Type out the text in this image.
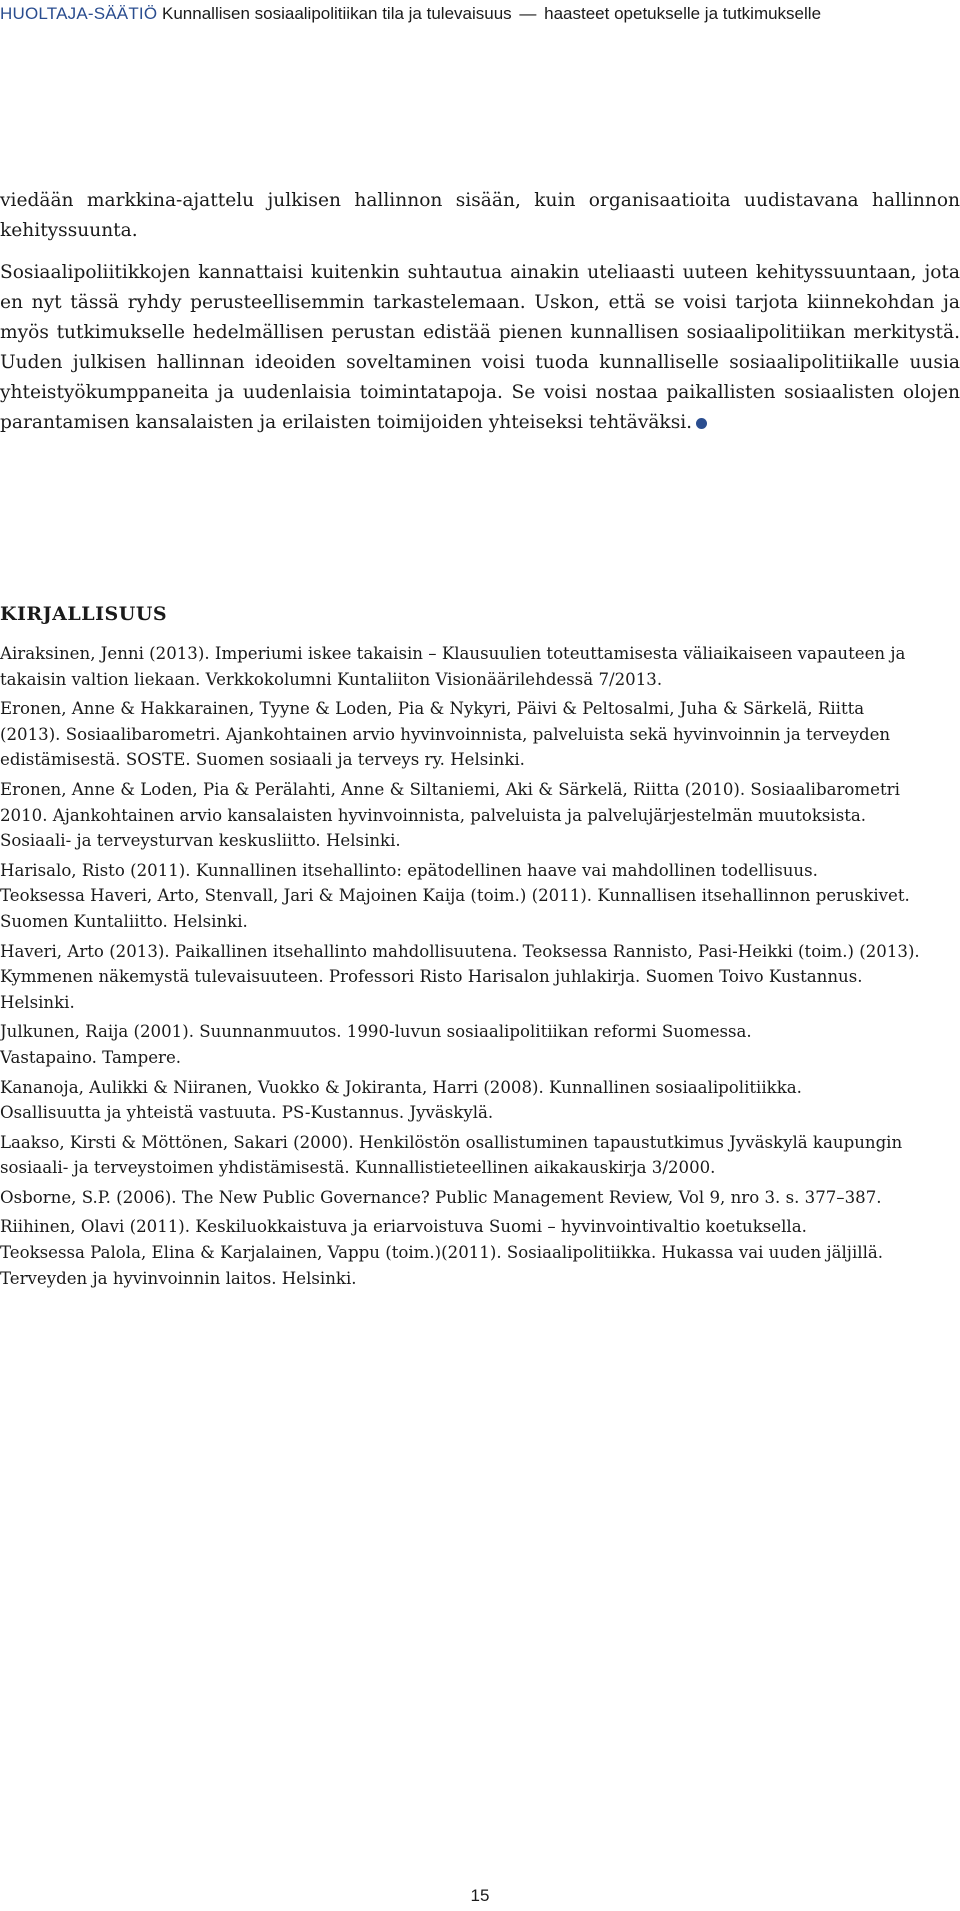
HUOLTAJA-SÄÄTIÖ Kunnallisen sosiaalipolitiikan tila ja tulevaisuus — haasteet opetukselle ja tutkimukselle

viedään markkina-ajattelu julkisen hallinnon sisään, kuin organisaatioita uudistavana hallinnon kehityssuunta.

Sosiaalipoliitikkojen kannattaisi kuitenkin suhtautua ainakin uteliaasti uuteen kehityssuuntaan, jota en nyt tässä ryhdy perusteellisemmin tarkastelemaan. Uskon, että se voisi tarjota kiinnekohdan ja myös tutkimukselle hedelmällisen perustan edistää pienen kunnallisen sosiaalipolitiikan merkitystä. Uuden julkisen hallinnan ideoiden soveltaminen voisi tuoda kunnalliselle sosiaalipolitiikalle uusia yhteistyökumppaneita ja uudenlaisia toimintatapoja. Se voisi nostaa paikallisten sosiaalisten olojen parantamisen kansalaisten ja erilaisten toimijoiden yhteiseksi tehtäväksi.

KIRJALLISUUS

Airaksinen, Jenni (2013). Imperiumi iskee takaisin – Klausuulien toteuttamisesta väliaikaiseen vapauteen ja
takaisin valtion liekaan. Verkkokolumni Kuntaliiton Visionäärilehdessä 7/2013.

Eronen, Anne & Hakkarainen, Tyyne & Loden, Pia & Nykyri, Päivi & Peltosalmi, Juha & Särkelä, Riitta
(2013). Sosiaalibarometri. Ajankohtainen arvio hyvinvoinnista, palveluista sekä hyvinvoinnin ja terveyden
edistämisestä. SOSTE. Suomen sosiaali ja terveys ry. Helsinki.

Eronen, Anne & Loden, Pia & Perälahti, Anne & Siltaniemi, Aki & Särkelä, Riitta (2010). Sosiaalibarometri
2010. Ajankohtainen arvio kansalaisten hyvinvoinnista, palveluista ja palvelujärjestelmän muutoksista.
Sosiaali- ja terveysturvan keskusliitto. Helsinki.

Harisalo, Risto (2011). Kunnallinen itsehallinto: epätodellinen haave vai mahdollinen todellisuus.
Teoksessa Haveri, Arto, Stenvall, Jari & Majoinen Kaija (toim.) (2011). Kunnallisen itsehallinnon peruskivet.
Suomen Kuntaliitto. Helsinki.

Haveri, Arto (2013). Paikallinen itsehallinto mahdollisuutena. Teoksessa Rannisto, Pasi-Heikki (toim.) (2013).
Kymmenen näkemystä tulevaisuuteen. Professori Risto Harisalon juhlakirja. Suomen Toivo Kustannus.
Helsinki.

Julkunen, Raija (2001). Suunnanmuutos. 1990-luvun sosiaalipolitiikan reformi Suomessa.
Vastapaino. Tampere.

Kananoja, Aulikki & Niiranen, Vuokko & Jokiranta, Harri (2008). Kunnallinen sosiaalipolitiikka.
Osallisuutta ja yhteistä vastuuta. PS-Kustannus. Jyväskylä.

Laakso, Kirsti & Möttönen, Sakari (2000). Henkilöstön osallistuminen tapaustutkimus Jyväskylä kaupungin
sosiaali- ja terveystoimen yhdistämisestä. Kunnallistieteellinen aikakauskirja 3/2000.

Osborne, S.P. (2006). The New Public Governance? Public Management Review, Vol 9, nro 3. s. 377–387.

Riihinen, Olavi (2011). Keskiluokkaistuva ja eriarvoistuva Suomi – hyvinvointivaltio koetuksella.
Teoksessa Palola, Elina & Karjalainen, Vappu (toim.)(2011). Sosiaalipolitiikka. Hukassa vai uuden jäljillä.
Terveyden ja hyvinvoinnin laitos. Helsinki.

15
